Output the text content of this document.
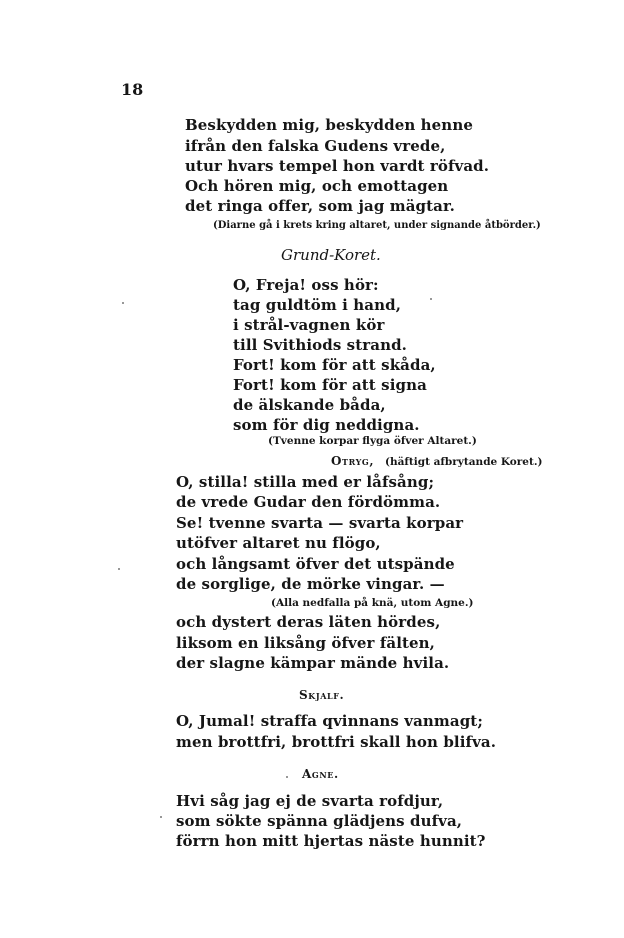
18
Beskydden mig, beskydden henne
ifrån den falska Gudens vrede,
utur hvars tempel hon vardt röfvad.
Och hören mig, och emottagen
det ringa offer, som jag mägtar.
(Diarne gå i krets kring altaret, under signande åtbörder.)
Grund-Koret.
O, Freja! oss hör:
tag guldtöm i hand,
i strål-vagnen kör
till Svithiods strand.
Fort! kom för att skåda,
Fort! kom för att signa
de älskande båda,
som för dig neddigna.
(Tvenne korpar flyga öfver Altaret.)
Otryg, (häftigt afbrytande Koret.)
O, stilla! stilla med er låfsång;
de vrede Gudar den fördömma.
Se! tvenne svarta — svarta korpar
utöfver altaret nu flögo,
och långsamt öfver det utspände
de sorglige, de mörke vingar. —
(Alla nedfalla på knä, utom Agne.)
och dystert deras läten hördes,
liksom en liksång öfver fälten,
der slagne kämpar mände hvila.
Skjalf.
O, Jumal! straffa qvinnans vanmagt;
men brottfri, brottfri skall hon blifva.
Agne.
Hvi såg jag ej de svarta rofdjur,
som sökte spänna glädjens dufva,
förrn hon mitt hjertas näste hunnit?
